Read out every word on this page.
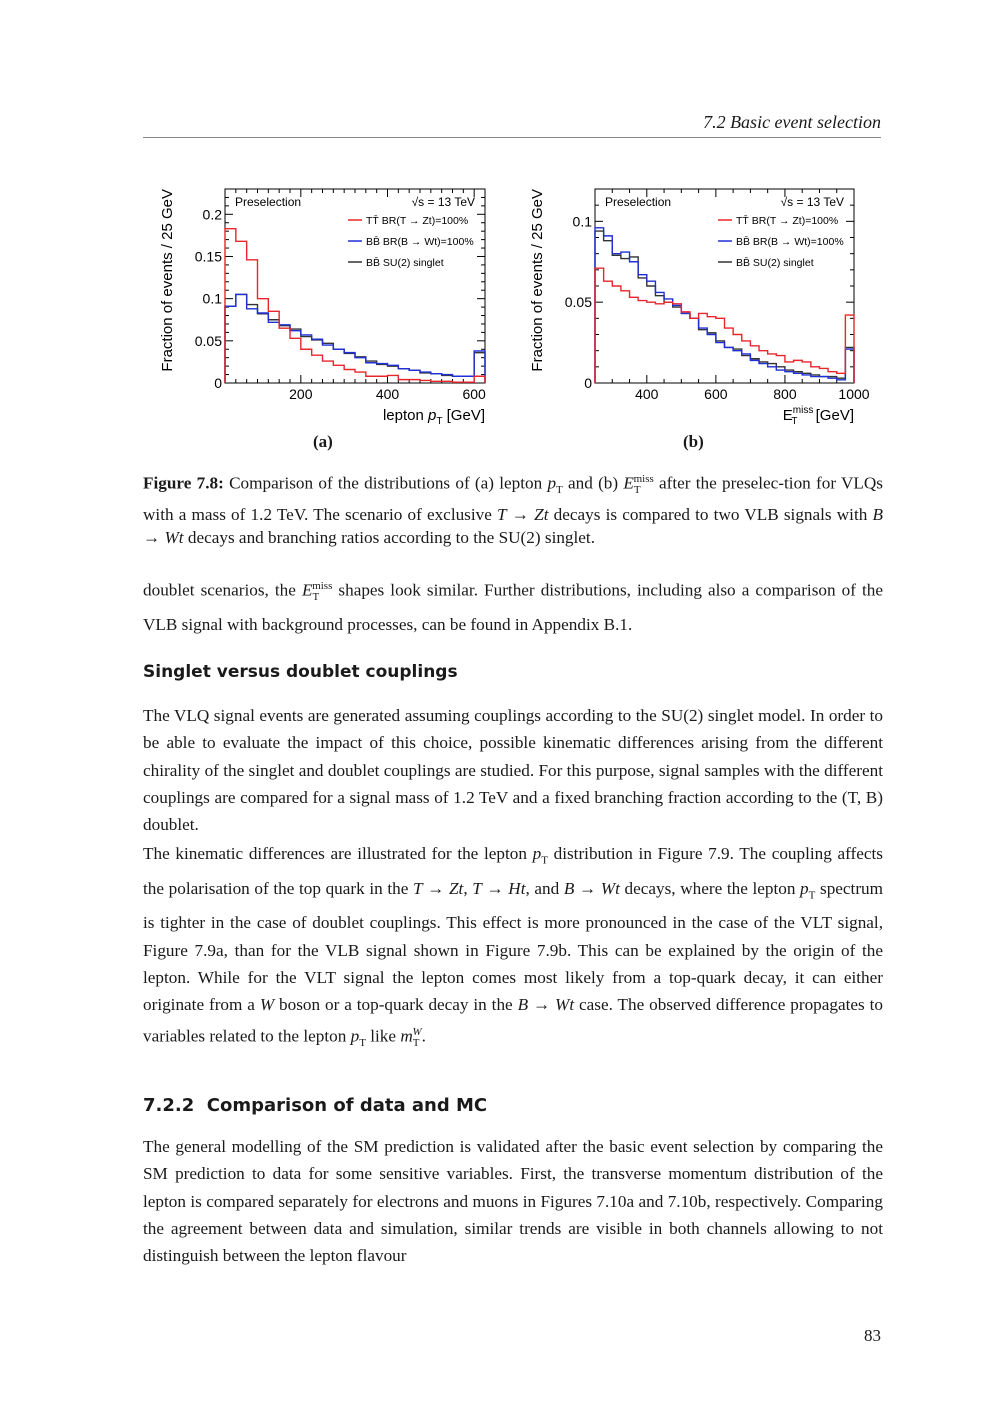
7.2 Basic event selection
200	400	600
0
0.05
0.1
0.15
0.2
Fraction of events / 25 GeV
lepton $p_T$ [GeV]
Preselection	√s = 13 TeV
TT̄ BR(T → Zt)=100%
BB̄ BR(B → Wt)=100%
BB̄ SU(2) singlet
400	600	800	1000
0
0.05
0.1
Fraction of events / 25 GeV
$E^{miss}$ T [GeV]
Preselection	√s = 13 TeV
TT̄ BR(T → Zt)=100%
BB̄ BR(B → Wt)=100%
BB̄ SU(2) singlet
(a)	(b)
Figure 7.8: Comparison of the distributions of (a) lepton $p_T$ and (b) $E_T^{miss}$ after the preselec-tion for VLQs with a mass of 1.2 TeV. The scenario of exclusive T → Zt decays is compared to two VLB signals with B → Wt decays and branching ratios according to the SU(2) singlet.
doublet scenarios, the $E_T^{miss}$ shapes look similar. Further distributions, including also a comparison of the VLB signal with background processes, can be found in Appendix B.1.
Singlet versus doublet couplings
The VLQ signal events are generated assuming couplings according to the SU(2) singlet model. In order to be able to evaluate the impact of this choice, possible kinematic differences arising from the different chirality of the singlet and doublet couplings are studied. For this purpose, signal samples with the different couplings are compared for a signal mass of 1.2 TeV and a fixed branching fraction according to the (T, B) doublet.
The kinematic differences are illustrated for the lepton $p_T$ distribution in Figure 7.9. The coupling affects the polarisation of the top quark in the T → Zt, T → Ht, and B → Wt decays, where the lepton $p_T$ spectrum is tighter in the case of doublet couplings. This effect is more pronounced in the case of the VLT signal, Figure 7.9a, than for the VLB signal shown in Figure 7.9b. This can be explained by the origin of the lepton. While for the VLT signal the lepton comes most likely from a top-quark decay, it can either originate from a W boson or a top-quark decay in the B → Wt case. The observed difference propagates to variables related to the lepton $p_T$ like $m_T^W$.
7.2.2 Comparison of data and MC
The general modelling of the SM prediction is validated after the basic event selection by comparing the SM prediction to data for some sensitive variables. First, the transverse momentum distribution of the lepton is compared separately for electrons and muons in Figures 7.10a and 7.10b, respectively. Comparing the agreement between data and simulation, similar trends are visible in both channels allowing to not distinguish between the lepton flavour
83
